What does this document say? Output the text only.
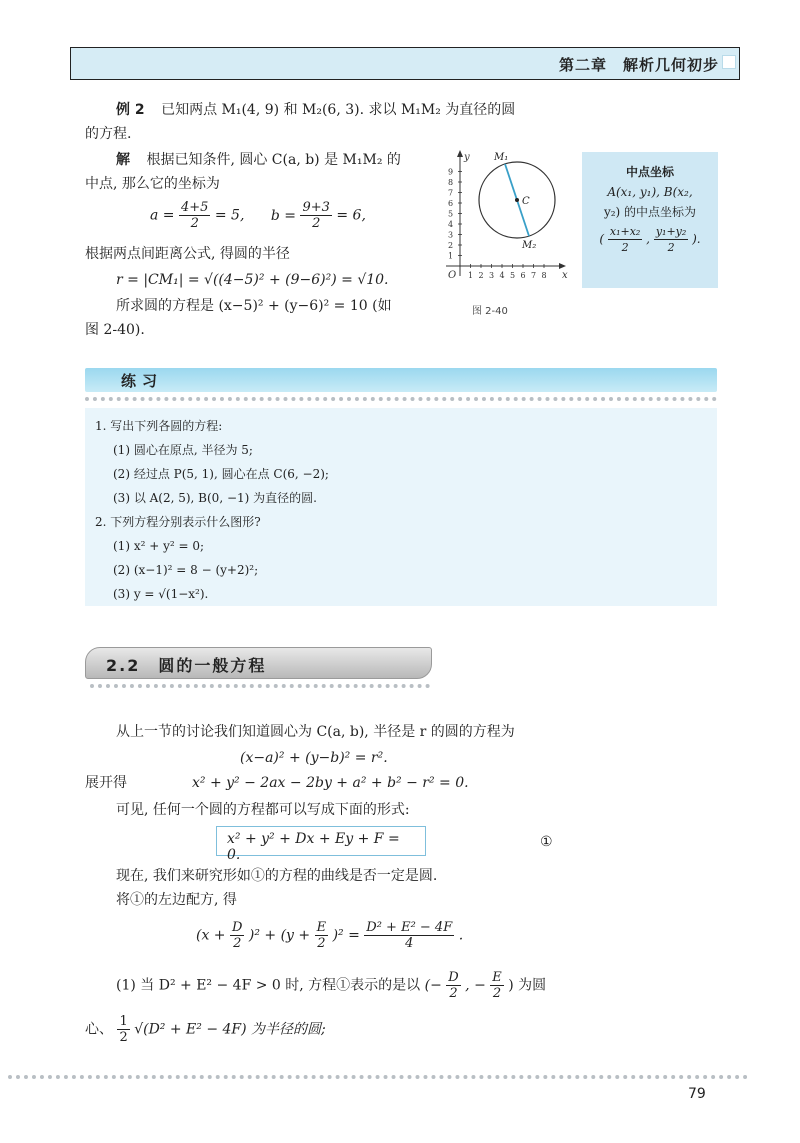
第二章　解析几何初步
例 2 已知两点 M₁(4, 9) 和 M₂(6, 3). 求以 M₁M₂ 为直径的圆
的方程.
解 根据已知条件, 圆心 C(a, b) 是 M₁M₂ 的
中点, 那么它的坐标为
$a = \frac{4+5}{2} = 5$, $b = \frac{9+3}{2} = 6$,
根据两点间距离公式, 得圆的半径
r = |CM₁| = √((4−5)² + (9−6)²) = √10.
所求圆的方程是 (x−5)² + (y−6)² = 10 (如
图 2-40).
9
8
7
6
5
4
3
2
1
1 2 3 4 5 6 7 8
y
x
O
C
M₁
M₂
图 2-40
中点坐标
A(x₁, y₁), B(x₂,
y₂) 的中点坐标为
( $\frac{\text{x₁+x₂}}{2}$ , $\frac{\text{y₁+y₂}}{2}$ ).
练习
1. 写出下列各圆的方程:
(1) 圆心在原点, 半径为 5;
(2) 经过点 P(5, 1), 圆心在点 C(6, −2);
(3) 以 A(2, 5), B(0, −1) 为直径的圆.
2. 下列方程分别表示什么图形?
(1) x² + y² = 0;
(2) (x−1)² = 8 − (y+2)²;
(3) y = √(1−x²).
2.2　圆的一般方程
从上一节的讨论我们知道圆心为 C(a, b), 半径是 r 的圆的方程为
(x−a)² + (y−b)² = r².
展开得	x² + y² − 2ax − 2by + a² + b² − r² = 0.
可见, 任何一个圆的方程都可以写成下面的形式:
x² + y² + Dx + Ey + F = 0.
①
现在, 我们来研究形如①的方程的曲线是否一定是圆.
将①的左边配方, 得
$(x + \frac{D}{2} )^2 + (y + \frac{E}{2} )^2 = \frac{\text{D² + E² − 4F}}{4}$ .
(1) 当 D² + E² − 4F > 0 时, 方程①表示的是以 (− $\frac{D}{2}$ , − $\frac{E}{2}$ ) 为圆
心、 $\frac{1}{2} √(D^2 + E^2 - 4F)$ 为半径的圆;
79
